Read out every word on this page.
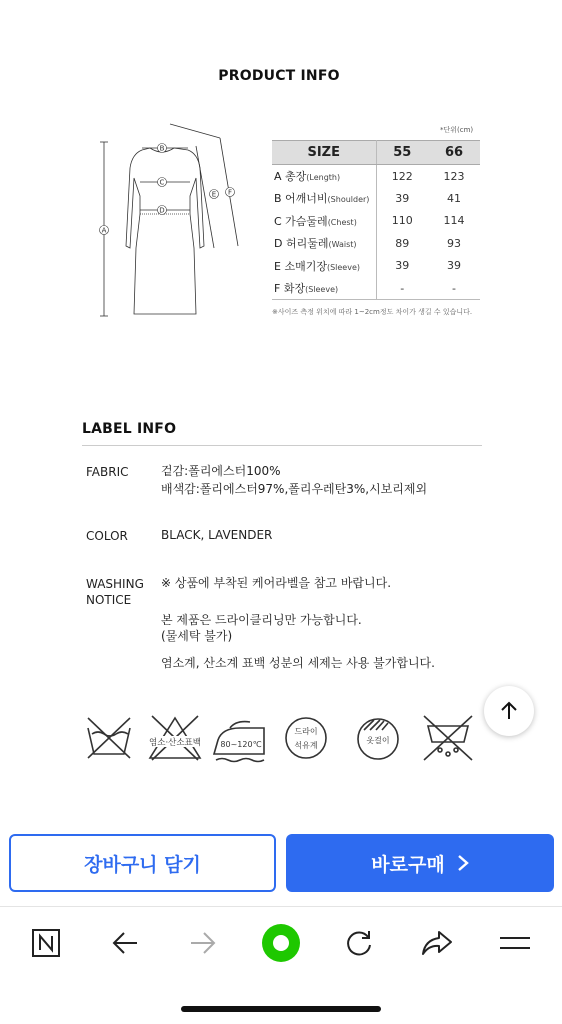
PRODUCT INFO
A
B
C
D
E F
*단위(cm)
SIZE	55	66
A 총장(Length)	122	123
B 어깨너비(Shoulder)	39	41
C 가슴둘레(Chest)	110	114
D 허리둘레(Waist)	89	93
E 소매기장(Sleeve)	39	39
F 화장(Sleeve)	-	-
※사이즈 측정 위치에 따라 1~2cm정도 차이가 생길 수 있습니다.
LABEL INFO
FABRIC	겉감:폴리에스터100%
배색감:폴리에스터97%,폴리우레탄3%,시보리제외
COLOR	BLACK, LAVENDER
WASHING
NOTICE
※ 상품에 부착된 케어라벨을 참고 바랍니다.
본 제품은 드라이클리닝만 가능합니다.
(물세탁 불가)
염소계, 산소계 표백 성분의 세제는 사용 불가합니다.
염소·산소표백 80~120℃
드라이
석유계
옷걸이
장바구니 담기	바로구매
